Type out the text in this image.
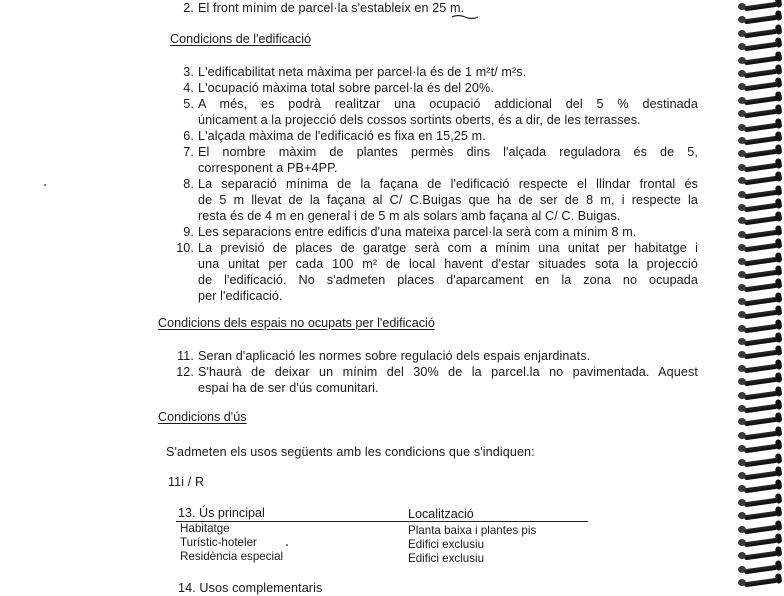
2. El front mínim de parcel·la s'estableix en 25 m.
Condicions de l'edificació
3. L'edificabilitat neta màxima per parcel·la és de 1 m²t/ m²s.

4. L'ocupació màxima total sobre parcel·la és del 20%.

5. A més, es podrà realitzar una ocupació addicional del 5 % destinada

únicament a la projecció dels cossos sortints oberts, és a dir, de les terrasses.

6. L'alçada màxima de l'edificació es fixa en 15,25 m.

7. El nombre màxim de plantes permès dins l'alçada reguladora és de 5,

corresponent a PB+4PP.

8. La separació mínima de la façana de l'edificació respecte el llindar frontal és

de 5 m llevat de la façana al C/ C.Buigas que ha de ser de 8 m, i respecte la

resta és de 4 m en general i de 5 m als solars amb façana al C/ C. Buigas.

9. Les separacions entre edificis d'una mateixa parcel·la serà com a mínim 8 m.

10. La previsió de places de garatge serà com a mínim una unitat per habitatge i

una unitat per cada 100 m² de local havent d'estar situades sota la projecció

de l'edificació. No s'admeten places d'aparcament en la zona no ocupada

per l'edificació.

Condicions dels espais no ocupats per l'edificació
11. Seran d'aplicació les normes sobre regulació dels espais enjardinats.

12. S'haurà de deixar un mínim del 30% de la parcel.la no pavimentada. Aquest

espai ha de ser d'ús comunitari.

Condicions d'ús
S'admeten els usos següents amb les condicions que s'indiquen:
11i / R
13. Ús principal	Localització
Habitatge	Planta baixa i plantes pis
Turístic-hoteler	Edifici exclusiu
Residència especial	Edifici exclusiu
14. Usos complementaris
